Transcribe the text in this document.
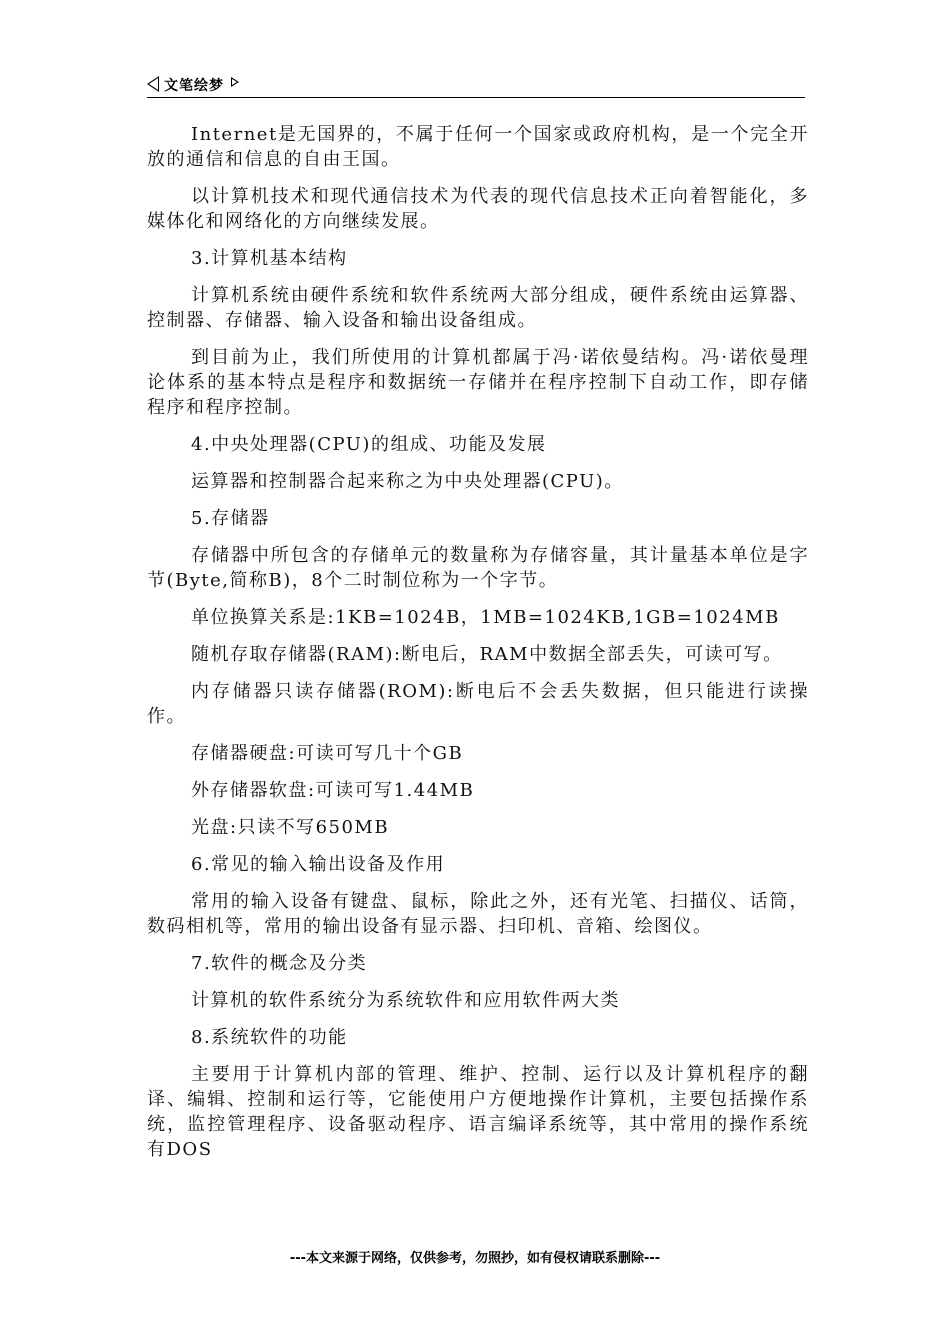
文笔绘梦

Internet是无国界的，不属于任何一个国家或政府机构，是一个完全开放的通信和信息的自由王国。

以计算机技术和现代通信技术为代表的现代信息技术正向着智能化，多媒体化和网络化的方向继续发展。

3.计算机基本结构

计算机系统由硬件系统和软件系统两大部分组成，硬件系统由运算器、控制器、存储器、输入设备和输出设备组成。

到目前为止，我们所使用的计算机都属于冯·诺依曼结构。冯·诺依曼理论体系的基本特点是程序和数据统一存储并在程序控制下自动工作，即存储程序和程序控制。

4.中央处理器(CPU)的组成、功能及发展

运算器和控制器合起来称之为中央处理器(CPU)。

5.存储器

存储器中所包含的存储单元的数量称为存储容量，其计量基本单位是字节(Byte,简称B)，8个二时制位称为一个字节。

单位换算关系是:1KB=1024B，1MB=1024KB,1GB=1024MB

随机存取存储器(RAM):断电后，RAM中数据全部丢失，可读可写。

内存储器只读存储器(ROM):断电后不会丢失数据，但只能进行读操作。

存储器硬盘:可读可写几十个GB

外存储器软盘:可读可写1.44MB

光盘:只读不写650MB

6.常见的输入输出设备及作用

常用的输入设备有键盘、鼠标，除此之外，还有光笔、扫描仪、话筒，数码相机等，常用的输出设备有显示器、扫印机、音箱、绘图仪。

7.软件的概念及分类

计算机的软件系统分为系统软件和应用软件两大类

8.系统软件的功能

主要用于计算机内部的管理、维护、控制、运行以及计算机程序的翻译、编辑、控制和运行等，它能使用户方便地操作计算机，主要包括操作系统，监控管理程序、设备驱动程序、语言编译系统等，其中常用的操作系统有DOS

---本文来源于网络，仅供参考，勿照抄，如有侵权请联系删除---
